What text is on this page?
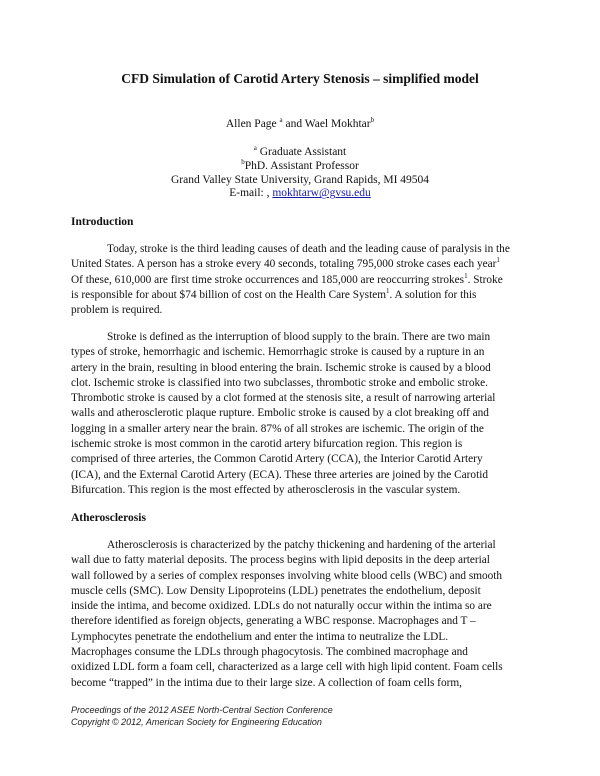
CFD Simulation of Carotid Artery Stenosis – simplified model
Allen Page $^a$ and Wael Mokhtar$^b$
$^a$ Graduate Assistant
$^b$PhD. Assistant Professor
Grand Valley State University, Grand Rapids, MI 49504
E-mail: , mokhtarw@gvsu.edu
Introduction
Today, stroke is the third leading causes of death and the leading cause of paralysis in the
United States. A person has a stroke every 40 seconds, totaling 795,000 stroke cases each year$^1$
Of these, 610,000 are first time stroke occurrences and 185,000 are reoccurring strokes$^1$. Stroke
is responsible for about $74 billion of cost on the Health Care System$^1$. A solution for this
problem is required.
Stroke is defined as the interruption of blood supply to the brain. There are two main
types of stroke, hemorrhagic and ischemic. Hemorrhagic stroke is caused by a rupture in an
artery in the brain, resulting in blood entering the brain. Ischemic stroke is caused by a blood
clot. Ischemic stroke is classified into two subclasses, thrombotic stroke and embolic stroke.
Thrombotic stroke is caused by a clot formed at the stenosis site, a result of narrowing arterial
walls and atherosclerotic plaque rupture. Embolic stroke is caused by a clot breaking off and
logging in a smaller artery near the brain. 87% of all strokes are ischemic. The origin of the
ischemic stroke is most common in the carotid artery bifurcation region. This region is
comprised of three arteries, the Common Carotid Artery (CCA), the Interior Carotid Artery
(ICA), and the External Carotid Artery (ECA). These three arteries are joined by the Carotid
Bifurcation. This region is the most effected by atherosclerosis in the vascular system.
Atherosclerosis
Atherosclerosis is characterized by the patchy thickening and hardening of the arterial
wall due to fatty material deposits. The process begins with lipid deposits in the deep arterial
wall followed by a series of complex responses involving white blood cells (WBC) and smooth
muscle cells (SMC). Low Density Lipoproteins (LDL) penetrates the endothelium, deposit
inside the intima, and become oxidized. LDLs do not naturally occur within the intima so are
therefore identified as foreign objects, generating a WBC response. Macrophages and T –
Lymphocytes penetrate the endothelium and enter the intima to neutralize the LDL.
Macrophages consume the LDLs through phagocytosis. The combined macrophage and
oxidized LDL form a foam cell, characterized as a large cell with high lipid content. Foam cells
become “trapped” in the intima due to their large size. A collection of foam cells form,
Proceedings of the 2012 ASEE North-Central Section Conference
Copyright © 2012, American Society for Engineering Education
